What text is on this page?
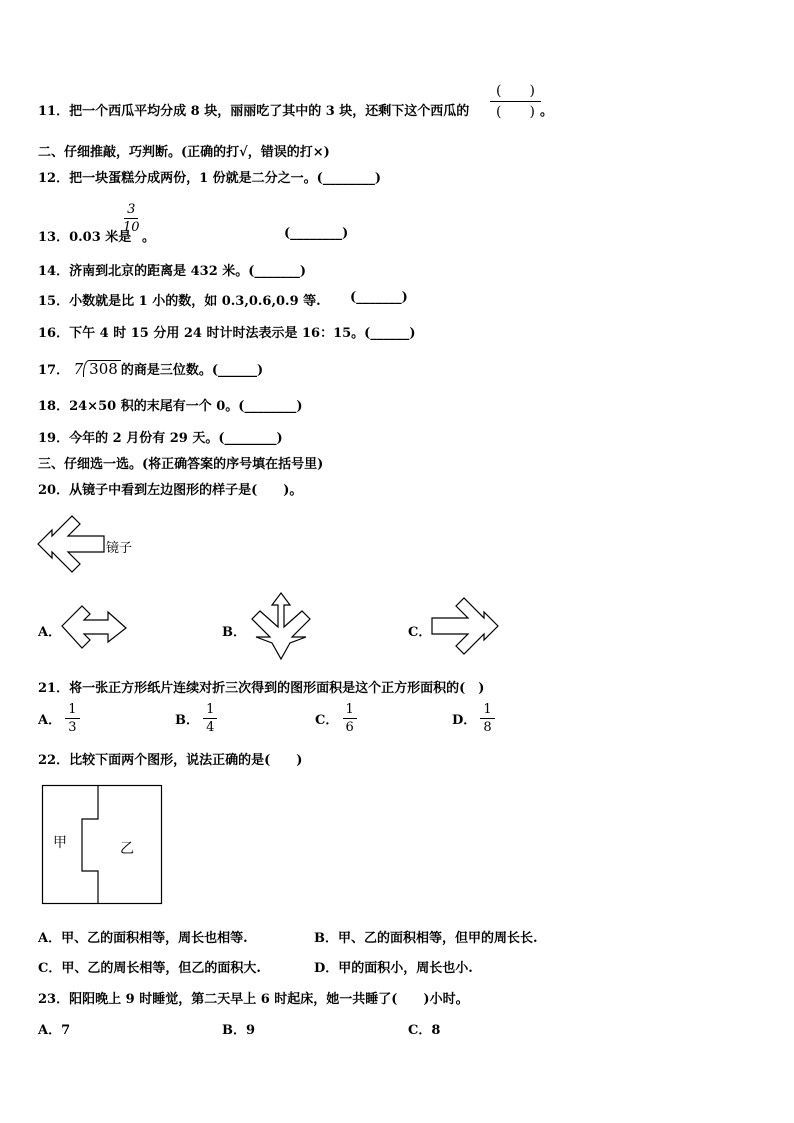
11．把一个西瓜平均分成 8 块，丽丽吃了其中的 3 块，还剩下这个西瓜的 $\frac{( )}{( )}$ 。
二、仔细推敲，巧判断。(正确的打√，错误的打×)
12．把一块蛋糕分成两份，1 份就是二分之一。(________)
13．0.03 米是
$\frac{3}{10}$
。	(________)
14．济南到北京的距离是 432 米。(_______)
15．小数就是比 1 小的数，如 0.3,0.6,0.9 等. (_______)
16．下午 4 时 15 分用 24 时计时法表示是 16：15。(______)
17． 7 308 的商是三位数。(______)
18．24×50 积的末尾有一个 0。(________)
19．今年的 2 月份有 29 天。(________)
三、仔细选一选。(将正确答案的序号填在括号里)
20．从镜子中看到左边图形的样子是(　　)。
镜子
A．	B．	C．
21．将一张正方形纸片连续对折三次得到的图形面积是这个正方形面积的(　)
A． $\frac{1}{3}$	B． $\frac{1}{4}$	C． $\frac{1}{6}$	D． $\frac{1}{8}$
22．比较下面两个图形，说法正确的是(　　)
甲	乙
A．甲、乙的面积相等，周长也相等.	B．甲、乙的面积相等，但甲的周长长.
C．甲、乙的周长相等，但乙的面积大.	D．甲的面积小，周长也小.
23．阳阳晚上 9 时睡觉，第二天早上 6 时起床，她一共睡了(　　)小时。
A．7	B．9	C．8
